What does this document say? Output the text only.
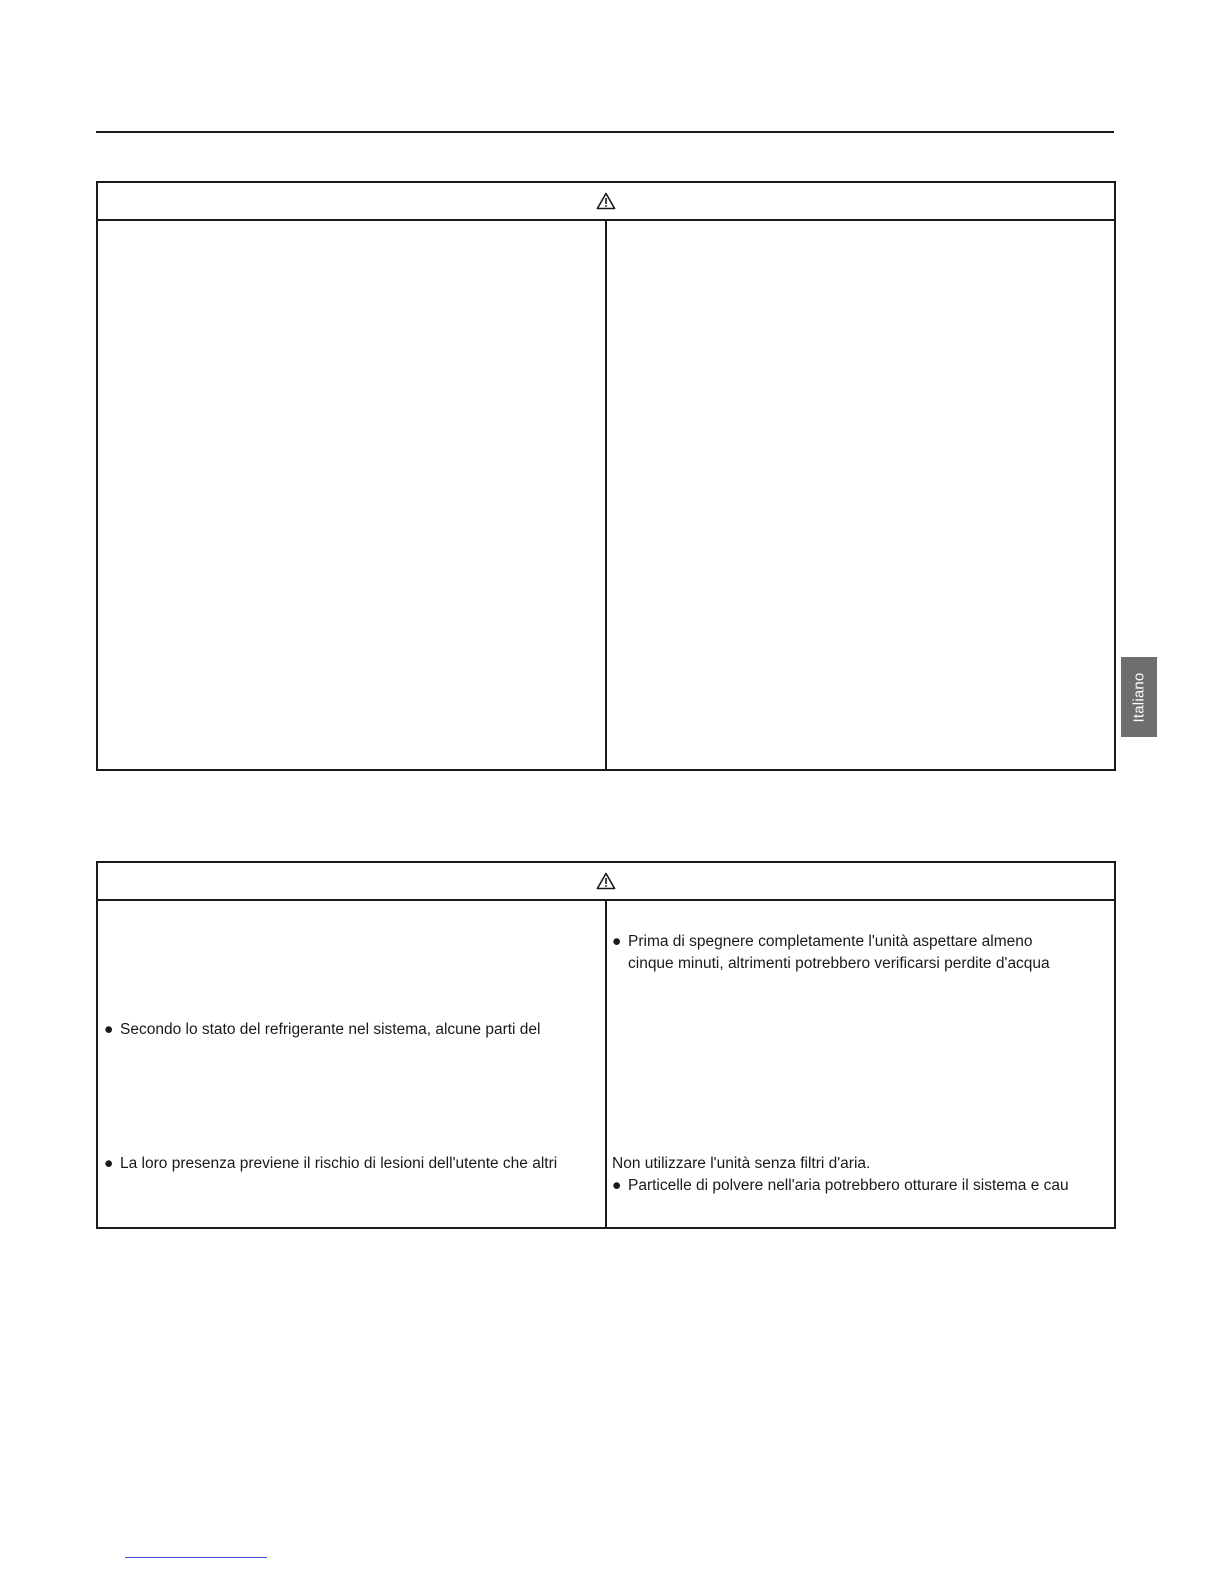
Italiano
● Secondo lo stato del refrigerante nel sistema, alcune parti del
● La loro presenza previene il rischio di lesioni dell'utente che altri
● Prima di spegnere completamente l'unità aspettare almeno
cinque minuti, altrimenti potrebbero verificarsi perdite d'acqua
Non utilizzare l'unità senza filtri d'aria.
● Particelle di polvere nell'aria potrebbero otturare il sistema e cau
